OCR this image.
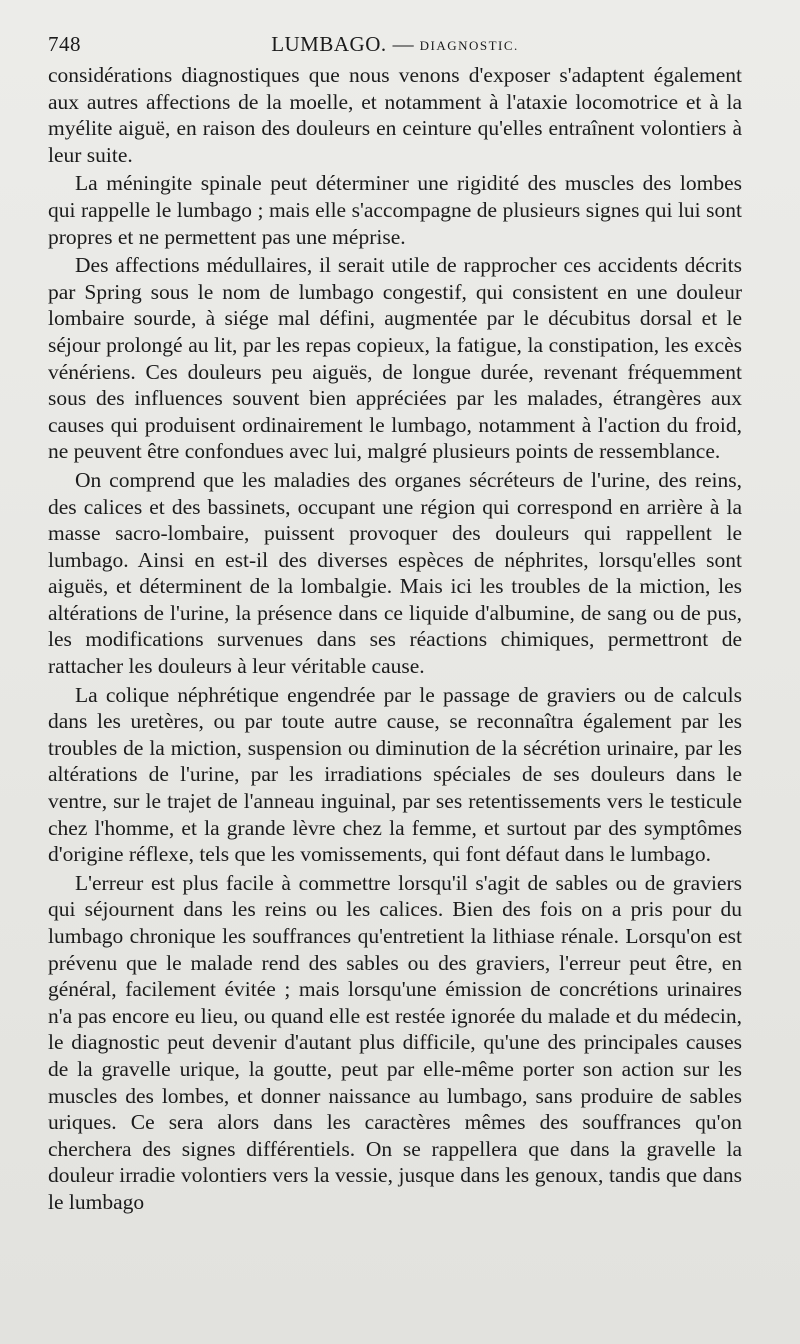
748	LUMBAGO. — DIAGNOSTIC.

considérations diagnostiques que nous venons d'exposer s'adaptent également aux autres affections de la moelle, et notamment à l'ataxie locomotrice et à la myélite aiguë, en raison des douleurs en ceinture qu'elles entraînent volontiers à leur suite.

La méningite spinale peut déterminer une rigidité des muscles des lombes qui rappelle le lumbago ; mais elle s'accompagne de plusieurs signes qui lui sont propres et ne permettent pas une méprise.

Des affections médullaires, il serait utile de rapprocher ces accidents décrits par Spring sous le nom de lumbago congestif, qui consistent en une douleur lombaire sourde, à siége mal défini, augmentée par le décubitus dorsal et le séjour prolongé au lit, par les repas copieux, la fatigue, la constipation, les excès vénériens. Ces douleurs peu aiguës, de longue durée, revenant fréquemment sous des influences souvent bien appréciées par les malades, étrangères aux causes qui produisent ordinairement le lumbago, notamment à l'action du froid, ne peuvent être confondues avec lui, malgré plusieurs points de ressemblance.

On comprend que les maladies des organes sécréteurs de l'urine, des reins, des calices et des bassinets, occupant une région qui correspond en arrière à la masse sacro-lombaire, puissent provoquer des douleurs qui rappellent le lumbago. Ainsi en est-il des diverses espèces de néphrites, lorsqu'elles sont aiguës, et déterminent de la lombalgie. Mais ici les troubles de la miction, les altérations de l'urine, la présence dans ce liquide d'albumine, de sang ou de pus, les modifications survenues dans ses réactions chimiques, permettront de rattacher les douleurs à leur véritable cause.

La colique néphrétique engendrée par le passage de graviers ou de calculs dans les uretères, ou par toute autre cause, se reconnaîtra également par les troubles de la miction, suspension ou diminution de la sécrétion urinaire, par les altérations de l'urine, par les irradiations spéciales de ses douleurs dans le ventre, sur le trajet de l'anneau inguinal, par ses retentissements vers le testicule chez l'homme, et la grande lèvre chez la femme, et surtout par des symptômes d'origine réflexe, tels que les vomissements, qui font défaut dans le lumbago.

L'erreur est plus facile à commettre lorsqu'il s'agit de sables ou de graviers qui séjournent dans les reins ou les calices. Bien des fois on a pris pour du lumbago chronique les souffrances qu'entretient la lithiase rénale. Lorsqu'on est prévenu que le malade rend des sables ou des graviers, l'erreur peut être, en général, facilement évitée ; mais lorsqu'une émission de concrétions urinaires n'a pas encore eu lieu, ou quand elle est restée ignorée du malade et du médecin, le diagnostic peut devenir d'autant plus difficile, qu'une des principales causes de la gravelle urique, la goutte, peut par elle-même porter son action sur les muscles des lombes, et donner naissance au lumbago, sans produire de sables uriques. Ce sera alors dans les caractères mêmes des souffrances qu'on cherchera des signes différentiels. On se rappellera que dans la gravelle la douleur irradie volontiers vers la vessie, jusque dans les genoux, tandis que dans le lumbago
